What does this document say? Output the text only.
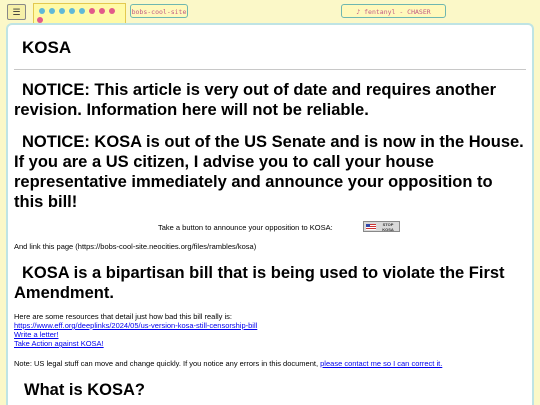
☰	bobs-cool-site	♪ fentanyl - CHASER
KOSA
NOTICE: This article is very out of date and requires another revision. Information here will not be reliable.
NOTICE: KOSA is out of the US Senate and is now in the House. If you are a US citizen, I advise you to call your house representative immediately and announce your opposition to this bill!

Take a button to announce your opposition to KOSA:	STOP KOSA

And link this page (https://bobs-cool-site.neocities.org/files/rambles/kosa)

KOSA is a bipartisan bill that is being used to violate the First Amendment.

Here are some resources that detail just how bad this bill really is:

https://www.eff.org/deeplinks/2024/05/us-version-kosa-still-censorship-bill
Write a letter!
Take Action against KOSA!

Note: US legal stuff can move and change quickly. If you notice any errors in this document, please contact me so I can correct it.

What is KOSA?
